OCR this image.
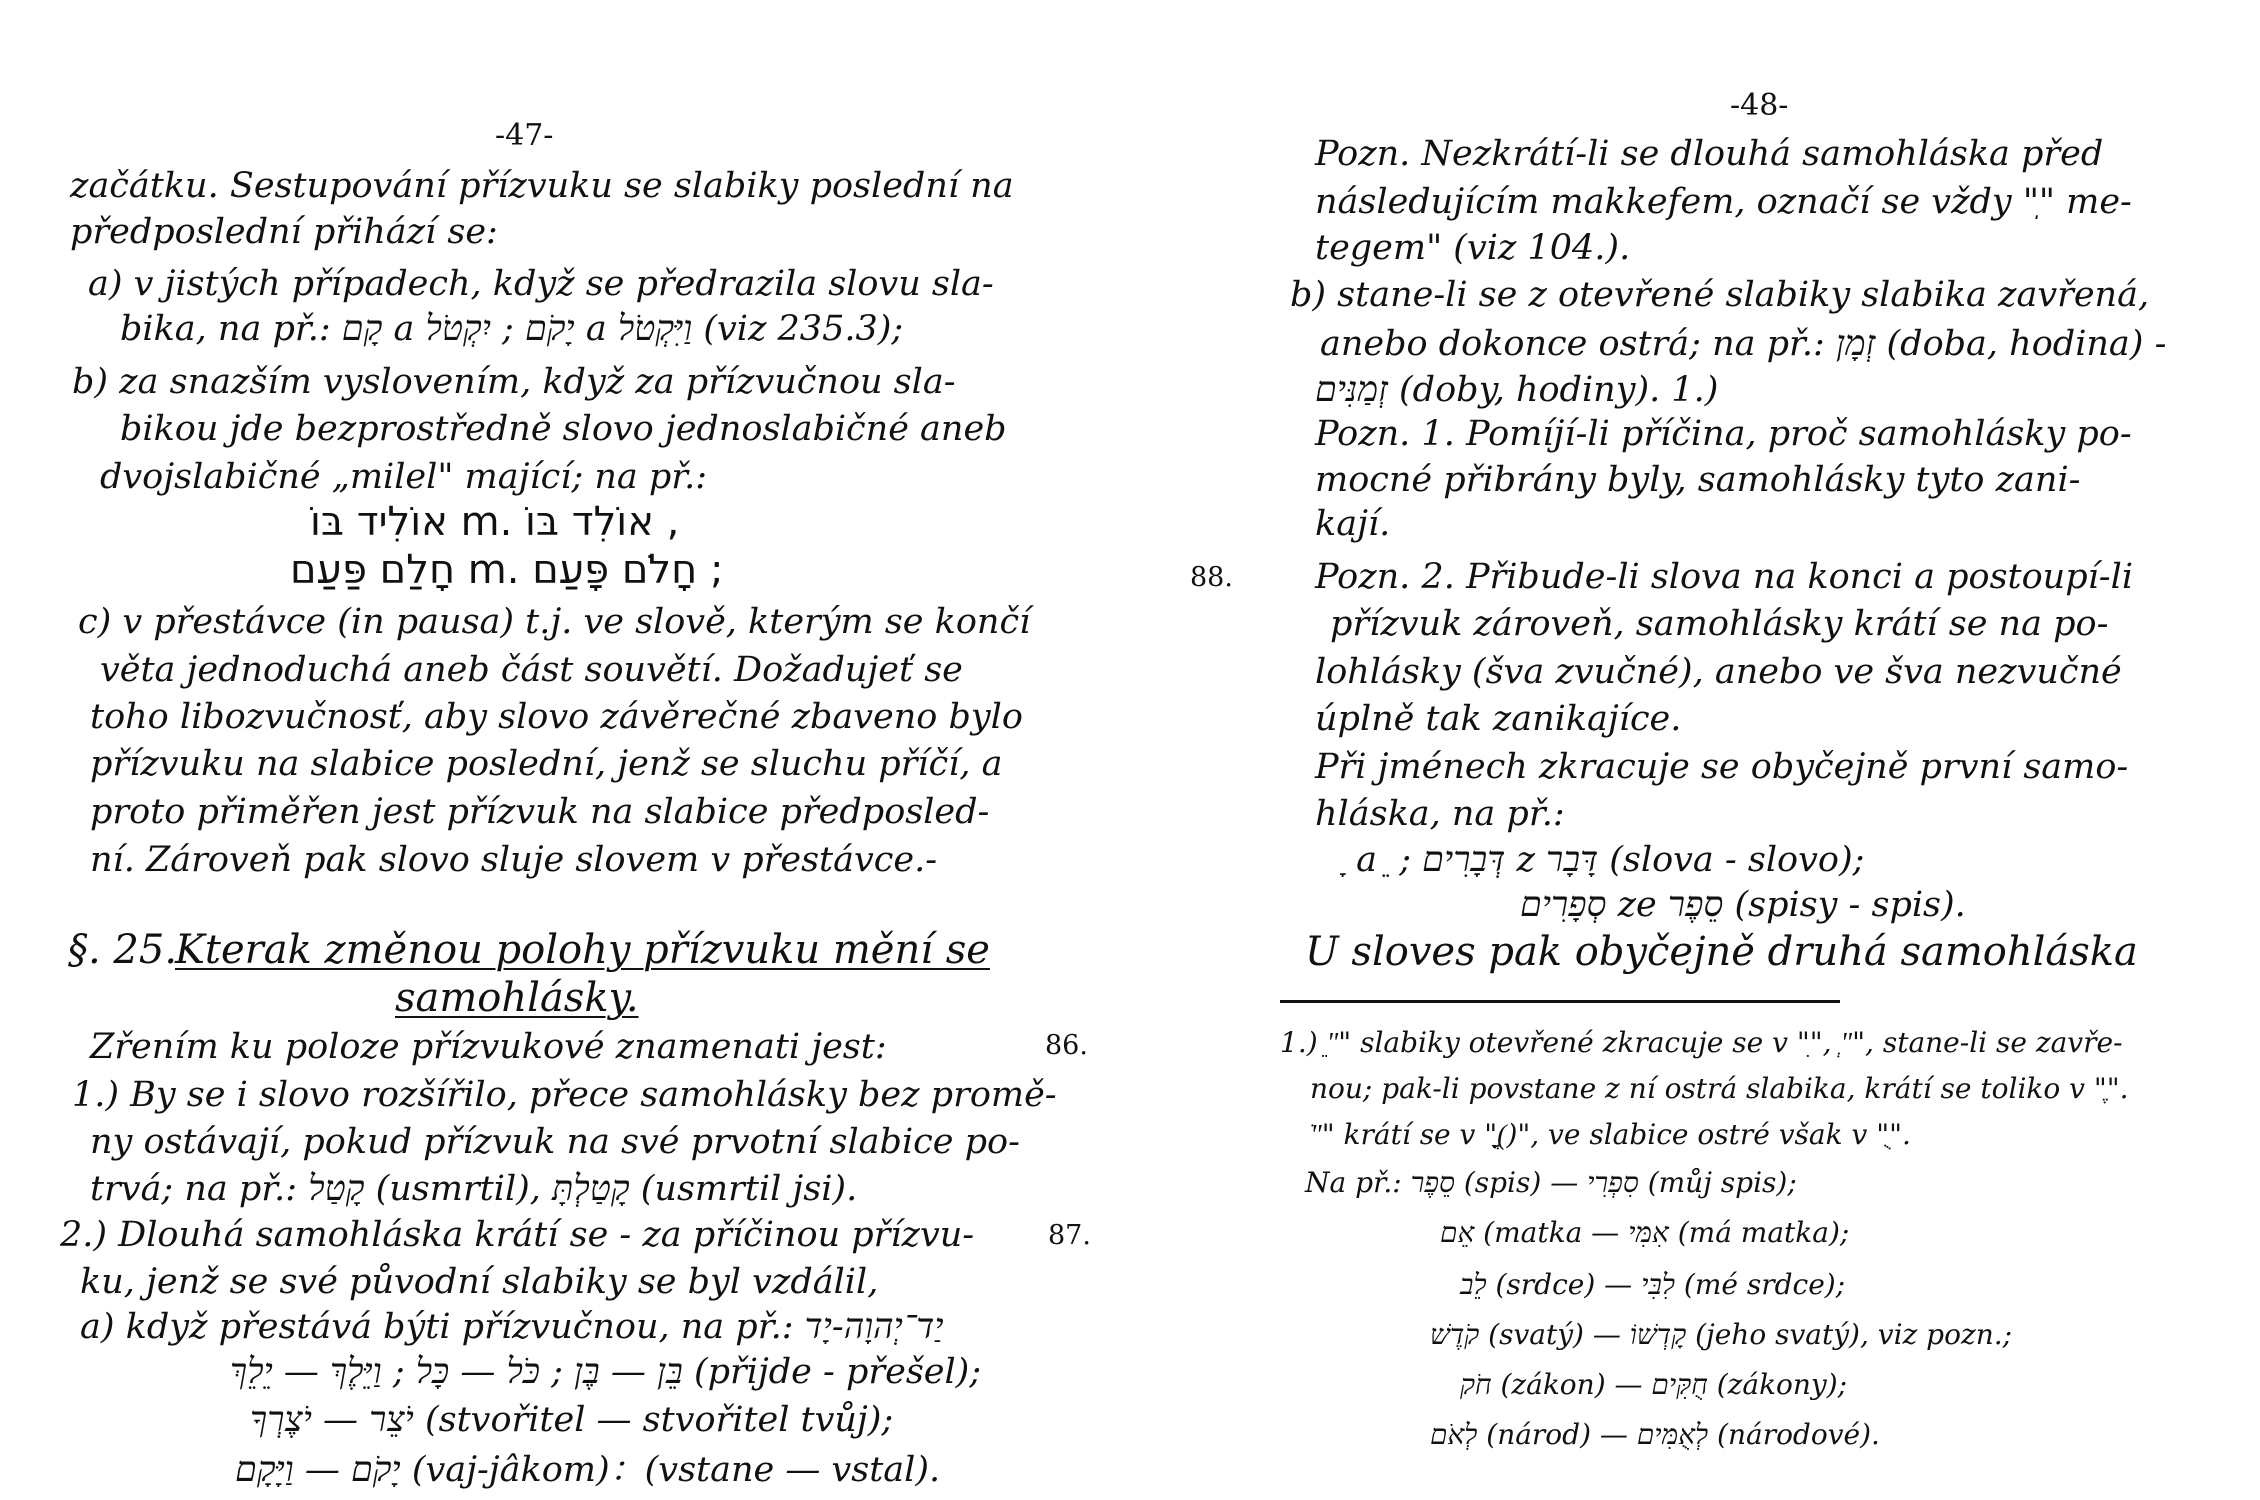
-47-
začátku. Sestupování přízvuku se slabiky poslední na
předposlední přihází se:
a) v jistých případech, když se předrazila slovu sla-
bika, na př.: קָם a יָקֹם ; יִקְטֹל a וַיִּקְטֹל (viz 235.3);
b) za snazším vyslovením, když za přízvučnou sla-
bikou jde bezprostředně slovo jednoslabičné aneb
dvojslabičné „milel" mající; na př.:
אוֹלִיד בּוֹ m. אוֹלִד בּוֹ ,
חָלַם פַּעַם m. חָלֹם פָּעַם ;
c) v přestávce (in pausa) t.j. ve slově, kterým se končí
věta jednoduchá aneb část souvětí. Dožadujeť se
toho libozvučnosť, aby slovo závěrečné zbaveno bylo
přízvuku na slabice poslední, jenž se sluchu příčí, a
proto přiměřen jest přízvuk na slabice předposled-
ní. Zároveň pak slovo sluje slovem v přestávce.-
§. 25.
Kterak změnou polohy přízvuku mění se
samohlásky.
Zřením ku poloze přízvukové znamenati jest:
1.) By se i slovo rozšířilo, přece samohlásky bez promě-
ny ostávají, pokud přízvuk na své prvotní slabice po-
trvá; na př.: קָטַל (usmrtil), קָטַלְתָּ (usmrtil jsi).
2.) Dlouhá samohláska krátí se - za příčinou přízvu-
ku, jenž se své původní slabiky se byl vzdálil,
a) když přestává býti přízvučnou, na př.: יַד־יְהוָה-יָד
בֵּן — בֶּן ; כֹּל — כָּל ; וַיֵּלֶךְ — יֵלֵךְ (přijde - přešel);
יֹצֵר — יֹצֶרְךָ (stvořitel — stvořitel tvůj);
יָקֹם — וַיָּקָם (vaj-jâkom)：(vstane — vstal).
86.
87.
-48-
Pozn. Nezkrátí-li se dlouhá samohláska před
následujícím makkefem, označí se vždy "ֽ" me-
tegem" (viz 104.).
b) stane-li se z otevřené slabiky slabika zavřená,
anebo dokonce ostrá; na př.: זְמָן (doba, hodina) -
זְמַנִּים (doby, hodiny). 1.)
Pozn. 1. Pomíjí-li příčina, proč samohlásky po-
mocné přibrány byly, samohlásky tyto zani-
kají.
Pozn. 2. Přibude-li slova na konci a postoupí-li
přízvuk zároveň, samohlásky krátí se na po-
lohlásky (šva zvučné), anebo ve šva nezvučné
úplně tak zanikajíce.
Při jménech zkracuje se obyčejně první samo-
hláska, na př.:
ָ a ֵ ; דְּבָרִים z דָּבָר (slova - slovo);
סְפָרִים ze סֵפֶר (spisy - spis).
U sloves pak obyčejně druhá samohláska
88.
1.) "ֵ" slabiky otevřené zkracuje se v "ִ", "ְ", stane-li se zavře-
nou; pak-li povstane z ní ostrá slabika, krátí se toliko v "ֶ".
"ֹ" krátí se v "ָ(ֳ)", ve slabice ostré však v "ֻ".
Na př.: סֵפֶר (spis) — סִפְרִי (můj spis);
אֵם (matka — אִמִּי (má matka);
לֵב (srdce) — לִבִּי (mé srdce);
קֹדֶשׁ (svatý) — קָדְשׁוֹ (jeho svatý), viz pozn.;
חֹק (zákon) — חֻקִּים (zákony);
לְאֹם (národ) — לְאֻמִּים (národové).
